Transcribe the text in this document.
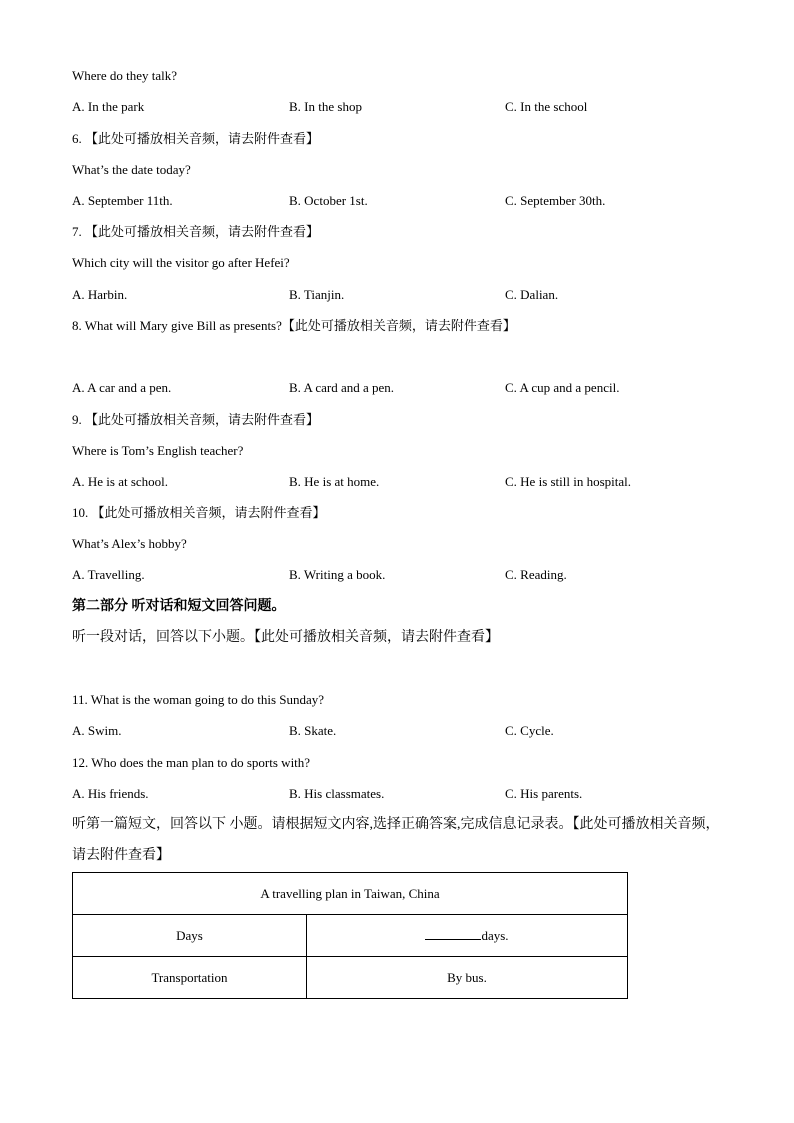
Where do they talk?
A. In the park	B. In the shop	C. In the school
6. 【此处可播放相关音频，请去附件查看】
What’s the date today?
A. September 11th.	B. October 1st.	C. September 30th.
7. 【此处可播放相关音频，请去附件查看】
Which city will the visitor go after Hefei?
A. Harbin.	B. Tianjin.	C. Dalian.
8. What will Mary give Bill as presents?【此处可播放相关音频，请去附件查看】
A. A car and a pen.	B. A card and a pen.	C. A cup and a pencil.
9. 【此处可播放相关音频，请去附件查看】
Where is Tom’s English teacher?
A. He is at school.	B. He is at home.	C. He is still in hospital.
10. 【此处可播放相关音频，请去附件查看】
What’s Alex’s hobby?
A. Travelling.	B. Writing a book.	C. Reading.
第二部分 听对话和短文回答问题。
听一段对话，回答以下小题。【此处可播放相关音频，请去附件查看】
11. What is the woman going to do this Sunday?
A. Swim.	B. Skate.	C. Cycle.
12. Who does the man plan to do sports with?
A. His friends.	B. His classmates.	C. His parents.
听第一篇短文，回答以下 小题。请根据短文内容,选择正确答案,完成信息记录表。【此处可播放相关音频，
请去附件查看】
A travelling plan in Taiwan, China	
Days	days.
Transportation	By bus.
